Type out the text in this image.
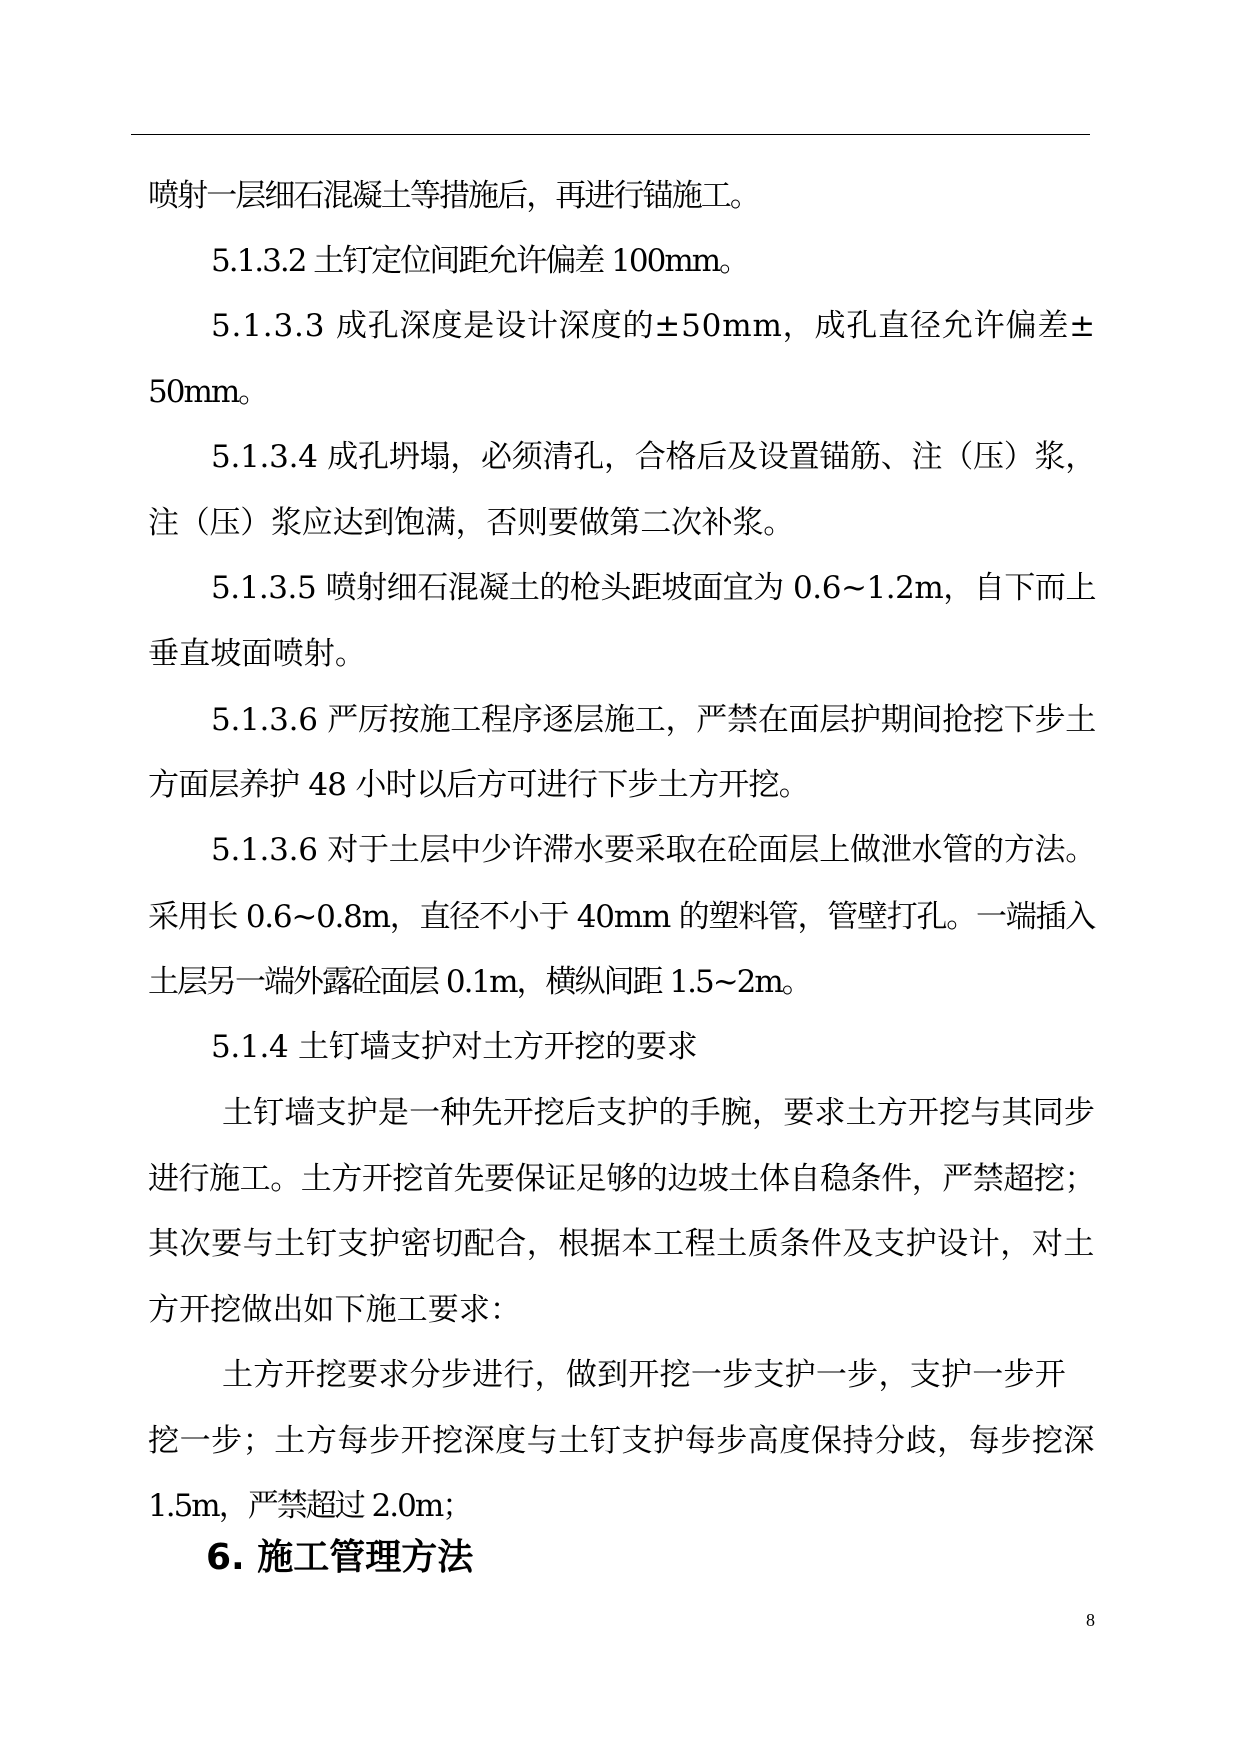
喷射一层细石混凝土等措施后，再进行锚施工。
5.1.3.2 土钉定位间距允许偏差 100mm。
5.1.3.3 成孔深度是设计深度的±50mm，成孔直径允许偏差±
50mm。
5.1.3.4 成孔坍塌，必须清孔，合格后及设置锚筋、注（压）浆，
注（压）浆应达到饱满，否则要做第二次补浆。
5.1.3.5 喷射细石混凝土的枪头距坡面宜为 0.6~1.2m，自下而上
垂直坡面喷射。
5.1.3.6 严厉按施工程序逐层施工，严禁在面层护期间抢挖下步土
方面层养护 48 小时以后方可进行下步土方开挖。
5.1.3.6 对于土层中少许滞水要采取在砼面层上做泄水管的方法。
采用长 0.6~0.8m，直径不小于 40mm 的塑料管，管壁打孔。一端插入
土层另一端外露砼面层 0.1m，横纵间距 1.5~2m。
5.1.4 土钉墙支护对土方开挖的要求
土钉墙支护是一种先开挖后支护的手腕，要求土方开挖与其同步
进行施工。土方开挖首先要保证足够的边坡土体自稳条件，严禁超挖；
其次要与土钉支护密切配合，根据本工程土质条件及支护设计，对土
方开挖做出如下施工要求：
土方开挖要求分步进行，做到开挖一步支护一步，支护一步开
挖一步；土方每步开挖深度与土钉支护每步高度保持分歧，每步挖深
1.5m，严禁超过 2.0m；
6. 施工管理方法
8
